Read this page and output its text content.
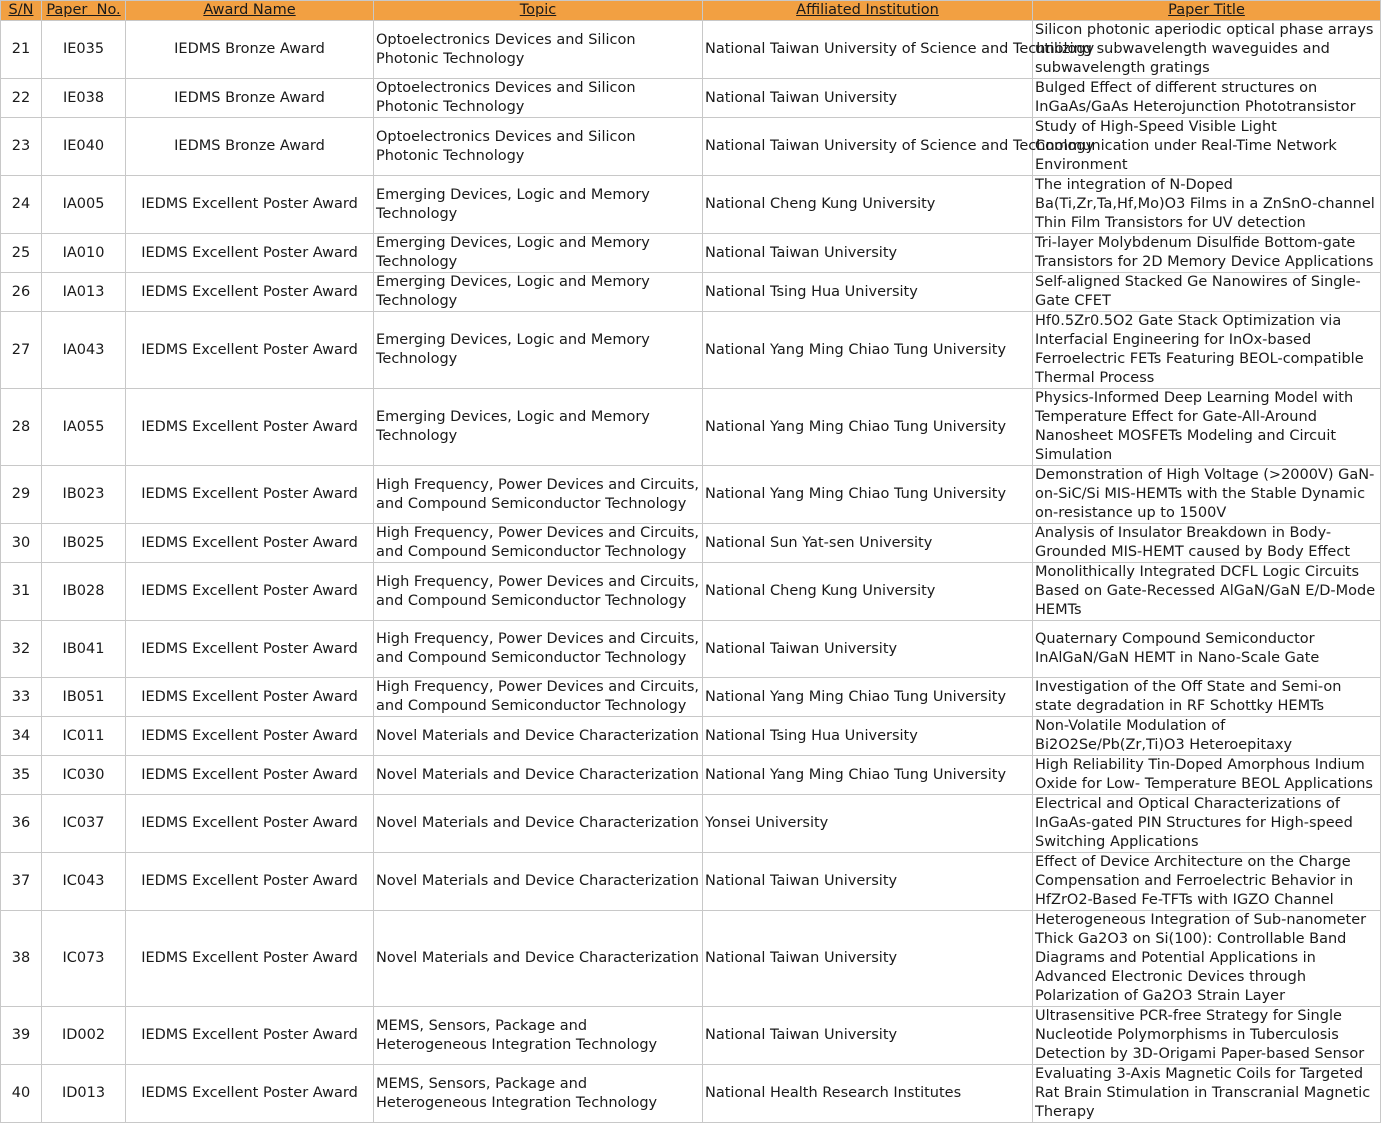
S/N	Paper  No.	Award Name	Topic	Affiliated Institution	Paper Title
21	IE035	IEDMS Bronze Award	Optoelectronics Devices and Silicon Photonic Technology	National Taiwan University of Science and Technology	Silicon photonic aperiodic optical phase arrays utilizing subwavelength waveguides and subwavelength gratings
22	IE038	IEDMS Bronze Award	Optoelectronics Devices and Silicon Photonic Technology	National Taiwan University	Bulged Effect of different structures on InGaAs/GaAs Heterojunction Phototransistor
23	IE040	IEDMS Bronze Award	Optoelectronics Devices and Silicon Photonic Technology	National Taiwan University of Science and Technology	Study of High-Speed Visible Light Communication under Real-Time Network Environment
24	IA005	IEDMS Excellent Poster Award	Emerging Devices, Logic and Memory Technology	National Cheng Kung University	The integration of N-Doped Ba(Ti,Zr,Ta,Hf,Mo)O3 Films in a ZnSnO-channel Thin Film Transistors for UV detection
25	IA010	IEDMS Excellent Poster Award	Emerging Devices, Logic and Memory Technology	National Taiwan University	Tri-layer Molybdenum Disulfide Bottom-gate Transistors for 2D Memory Device Applications
26	IA013	IEDMS Excellent Poster Award	Emerging Devices, Logic and Memory Technology	National Tsing Hua University	Self-aligned Stacked Ge Nanowires of Single-Gate CFET
27	IA043	IEDMS Excellent Poster Award	Emerging Devices, Logic and Memory Technology	National Yang Ming Chiao Tung University	Hf0.5Zr0.5O2 Gate Stack Optimization via Interfacial Engineering for InOx-based Ferroelectric FETs Featuring BEOL-compatible Thermal Process
28	IA055	IEDMS Excellent Poster Award	Emerging Devices, Logic and Memory Technology	National Yang Ming Chiao Tung University	Physics-Informed Deep Learning Model with Temperature Effect for Gate-All-Around Nanosheet MOSFETs Modeling and Circuit Simulation
29	IB023	IEDMS Excellent Poster Award	High Frequency, Power Devices and Circuits, and Compound Semiconductor Technology	National Yang Ming Chiao Tung University	Demonstration of High Voltage (>2000V) GaN-on-SiC/Si MIS-HEMTs with the Stable Dynamic on-resistance up to 1500V
30	IB025	IEDMS Excellent Poster Award	High Frequency, Power Devices and Circuits, and Compound Semiconductor Technology	National Sun Yat-sen University	Analysis of Insulator Breakdown in Body-Grounded MIS-HEMT caused by Body Effect
31	IB028	IEDMS Excellent Poster Award	High Frequency, Power Devices and Circuits, and Compound Semiconductor Technology	National Cheng Kung University	Monolithically Integrated DCFL Logic Circuits Based on Gate-Recessed AlGaN/GaN E/D-Mode HEMTs
32	IB041	IEDMS Excellent Poster Award	High Frequency, Power Devices and Circuits, and Compound Semiconductor Technology	National Taiwan University	Quaternary Compound Semiconductor InAlGaN/GaN HEMT in Nano-Scale Gate
33	IB051	IEDMS Excellent Poster Award	High Frequency, Power Devices and Circuits, and Compound Semiconductor Technology	National Yang Ming Chiao Tung University	Investigation of the Off State and Semi-on state degradation in RF Schottky HEMTs
34	IC011	IEDMS Excellent Poster Award	Novel Materials and Device Characterization	National Tsing Hua University	Non-Volatile Modulation of Bi2O2Se/Pb(Zr,Ti)O3 Heteroepitaxy
35	IC030	IEDMS Excellent Poster Award	Novel Materials and Device Characterization	National Yang Ming Chiao Tung University	High Reliability Tin-Doped Amorphous Indium Oxide for Low- Temperature BEOL Applications
36	IC037	IEDMS Excellent Poster Award	Novel Materials and Device Characterization	Yonsei University	Electrical and Optical Characterizations of InGaAs-gated PIN Structures for High-speed Switching Applications
37	IC043	IEDMS Excellent Poster Award	Novel Materials and Device Characterization	National Taiwan University	Effect of Device Architecture on the Charge Compensation and Ferroelectric Behavior in HfZrO2-Based Fe-TFTs with IGZO Channel
38	IC073	IEDMS Excellent Poster Award	Novel Materials and Device Characterization	National Taiwan University	Heterogeneous Integration of Sub-nanometer Thick Ga2O3 on Si(100): Controllable Band Diagrams and Potential Applications in Advanced Electronic Devices through Polarization of Ga2O3 Strain Layer
39	ID002	IEDMS Excellent Poster Award	MEMS, Sensors, Package and Heterogeneous Integration Technology	National Taiwan University	Ultrasensitive PCR-free Strategy for Single Nucleotide Polymorphisms in Tuberculosis Detection by 3D-Origami Paper-based Sensor
40	ID013	IEDMS Excellent Poster Award	MEMS, Sensors, Package and Heterogeneous Integration Technology	National Health Research Institutes	Evaluating 3-Axis Magnetic Coils for Targeted Rat Brain Stimulation in Transcranial Magnetic Therapy
